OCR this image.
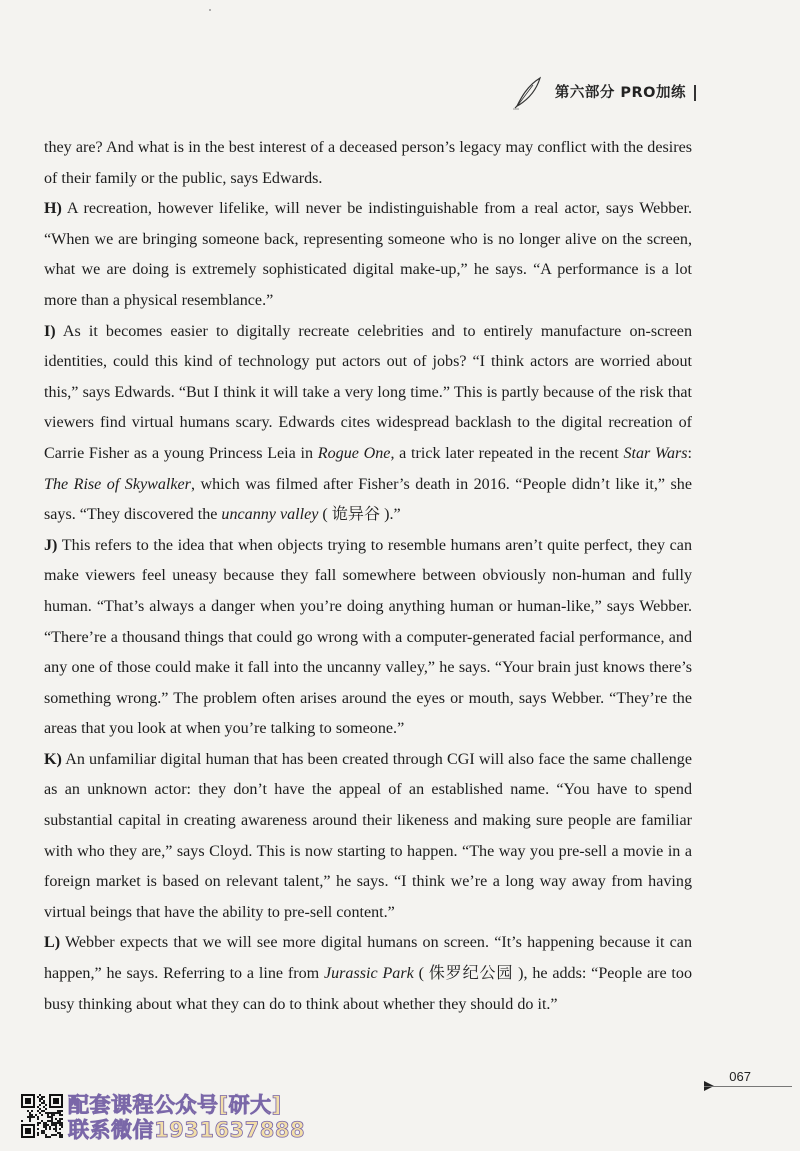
第六部分 PRO加练

they are? And what is in the best interest of a deceased person’s legacy may conflict with the desires of their family or the public, says Edwards.

H) A recreation, however lifelike, will never be indistinguishable from a real actor, says Webber. “When we are bringing someone back, representing someone who is no longer alive on the screen, what we are doing is extremely sophisticated digital make-up,” he says. “A performance is a lot more than a physical resemblance.”

I) As it becomes easier to digitally recreate celebrities and to entirely manufacture on-screen identities, could this kind of technology put actors out of jobs? “I think actors are worried about this,” says Edwards. “But I think it will take a very long time.” This is partly because of the risk that viewers find virtual humans scary. Edwards cites widespread backlash to the digital recreation of Carrie Fisher as a young Princess Leia in Rogue One, a trick later repeated in the recent Star Wars: The Rise of Skywalker, which was filmed after Fisher’s death in 2016. “People didn’t like it,” she says. “They discovered the uncanny valley ( 诡异谷 ).”

J) This refers to the idea that when objects trying to resemble humans aren’t quite perfect, they can make viewers feel uneasy because they fall somewhere between obviously non-human and fully human. “That’s always a danger when you’re doing anything human or human-like,” says Webber. “There’re a thousand things that could go wrong with a computer-generated facial performance, and any one of those could make it fall into the uncanny valley,” he says. “Your brain just knows there’s something wrong.” The problem often arises around the eyes or mouth, says Webber. “They’re the areas that you look at when you’re talking to someone.”

K) An unfamiliar digital human that has been created through CGI will also face the same challenge as an unknown actor: they don’t have the appeal of an established name. “You have to spend substantial capital in creating awareness around their likeness and making sure people are familiar with who they are,” says Cloyd. This is now starting to happen. “The way you pre-sell a movie in a foreign market is based on relevant talent,” he says. “I think we’re a long way away from having virtual beings that have the ability to pre-sell content.”

L) Webber expects that we will see more digital humans on screen. “It’s happening because it can happen,” he says. Referring to a line from Jurassic Park ( 侏罗纪公园 ), he adds: “People are too busy thinking about what they can do to think about whether they should do it.”

067
配套课程公众号[研大]
联系微信1931637888
